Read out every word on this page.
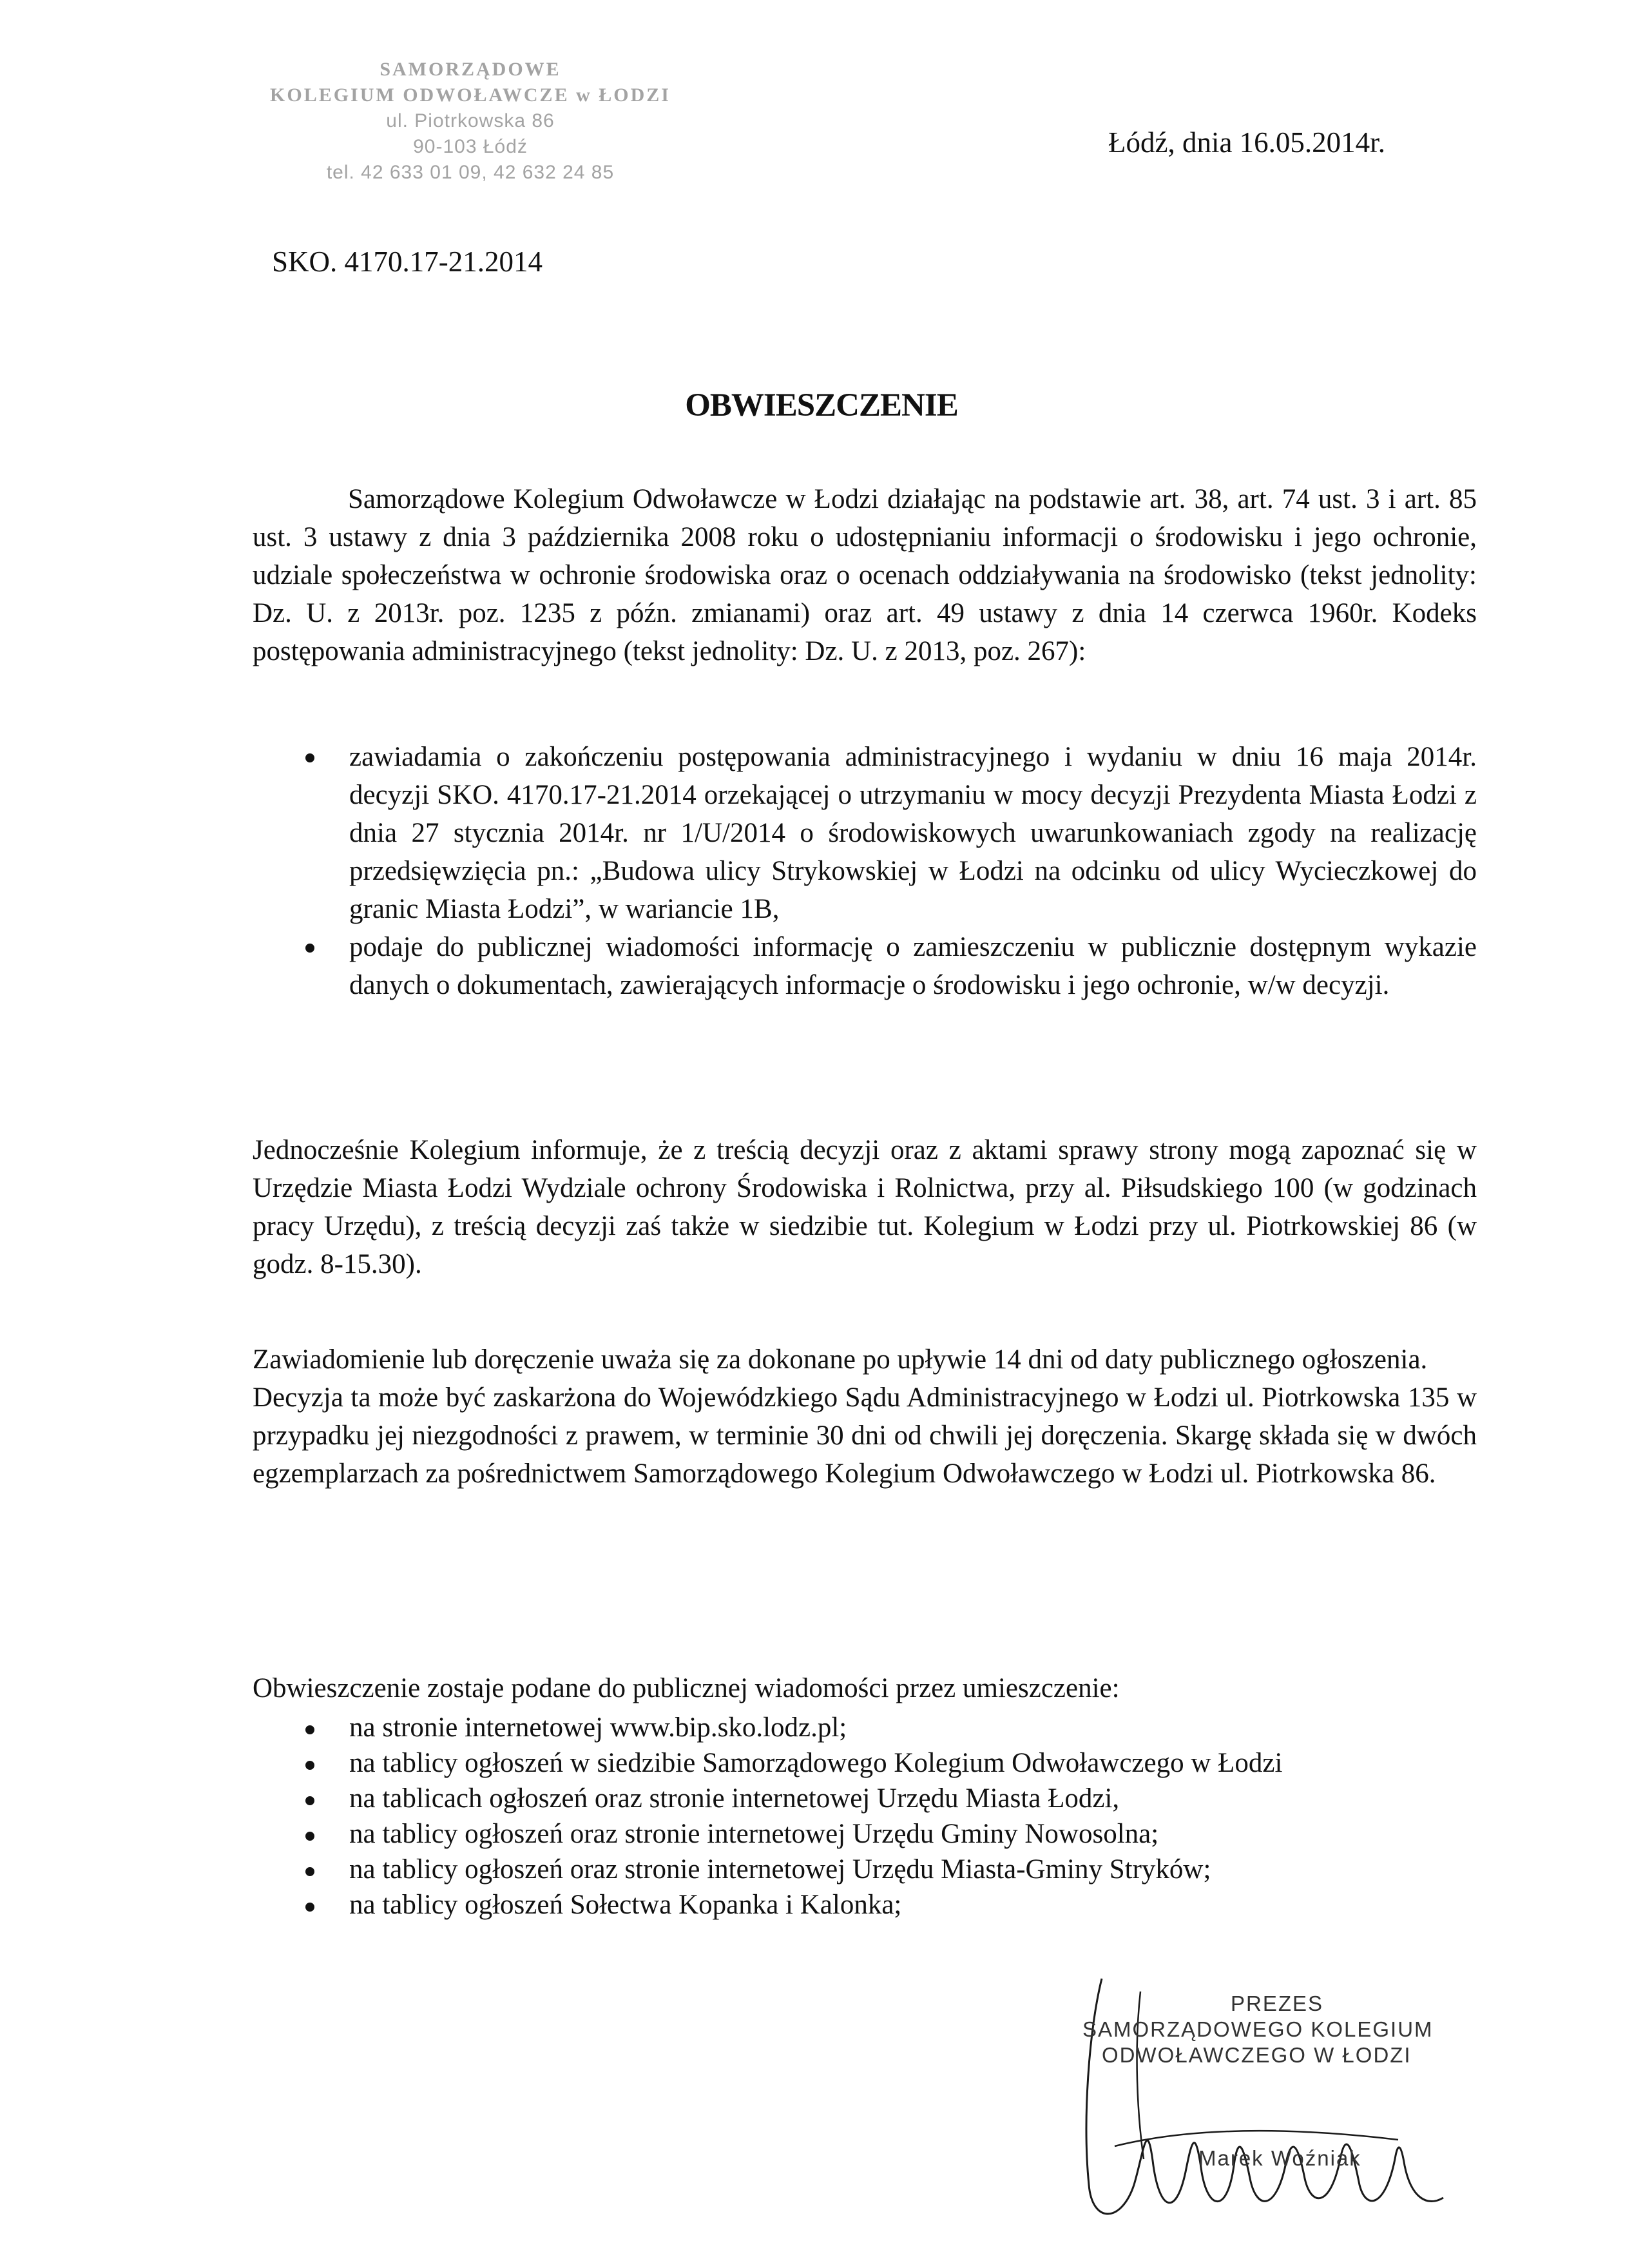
SAMORZĄDOWE
KOLEGIUM ODWOŁAWCZE w ŁODZI
ul. Piotrkowska 86
90-103 Łódź
tel. 42 633 01 09, 42 632 24 85
Łódź, dnia 16.05.2014r.
SKO. 4170.17-21.2014
OBWIESZCZENIE

Samorządowe Kolegium Odwoławcze w Łodzi działając na podstawie art. 38, art. 74 ust. 3 i art. 85 ust. 3 ustawy z dnia 3 października 2008 roku o udostępnianiu informacji o środowisku i jego ochronie, udziale społeczeństwa w ochronie środowiska oraz o ocenach oddziaływania na środowisko (tekst jednolity: Dz. U. z 2013r. poz. 1235 z późn. zmianami) oraz art. 49 ustawy z dnia 14 czerwca 1960r. Kodeks postępowania administracyjnego (tekst jednolity: Dz. U. z 2013, poz. 267):

zawiadamia o zakończeniu postępowania administracyjnego i wydaniu w dniu 16 maja 2014r. decyzji SKO. 4170.17-21.2014 orzekającej o utrzymaniu w mocy decyzji Prezydenta Miasta Łodzi z dnia 27 stycznia 2014r. nr 1/U/2014 o środowiskowych uwarunkowaniach zgody na realizację przedsięwzięcia pn.: „Budowa ulicy Strykowskiej w Łodzi na odcinku od ulicy Wycieczkowej do granic Miasta Łodzi”, w wariancie 1B,
podaje do publicznej wiadomości informację o zamieszczeniu w publicznie dostępnym wykazie danych o dokumentach, zawierających informacje o środowisku i jego ochronie, w/w decyzji.

Jednocześnie Kolegium informuje, że z treścią decyzji oraz z aktami sprawy strony mogą zapoznać się w Urzędzie Miasta Łodzi Wydziale ochrony Środowiska i Rolnictwa, przy al. Piłsudskiego 100 (w godzinach pracy Urzędu), z treścią decyzji zaś także w siedzibie tut. Kolegium w Łodzi przy ul. Piotrkowskiej 86 (w godz. 8-15.30).

Zawiadomienie lub doręczenie uważa się za dokonane po upływie 14 dni od daty publicznego ogłoszenia.

Decyzja ta może być zaskarżona do Wojewódzkiego Sądu Administracyjnego w Łodzi ul. Piotrkowska 135 w przypadku jej niezgodności z prawem, w terminie 30 dni od chwili jej doręczenia. Skargę składa się w dwóch egzemplarzach za pośrednictwem Samorządowego Kolegium Odwoławczego w Łodzi ul. Piotrkowska 86.

Obwieszczenie zostaje podane do publicznej wiadomości przez umieszczenie:

na stronie internetowej www.bip.sko.lodz.pl;
na tablicy ogłoszeń w siedzibie Samorządowego Kolegium Odwoławczego w Łodzi
na tablicach ogłoszeń oraz stronie internetowej Urzędu Miasta Łodzi,
na tablicy ogłoszeń oraz stronie internetowej Urzędu Gminy Nowosolna;
na tablicy ogłoszeń oraz stronie internetowej Urzędu Miasta-Gminy Stryków;
na tablicy ogłoszeń Sołectwa Kopanka i Kalonka;
PREZES
SAMORZĄDOWEGO KOLEGIUM
ODWOŁAWCZEGO W ŁODZI
Marek Woźniak
